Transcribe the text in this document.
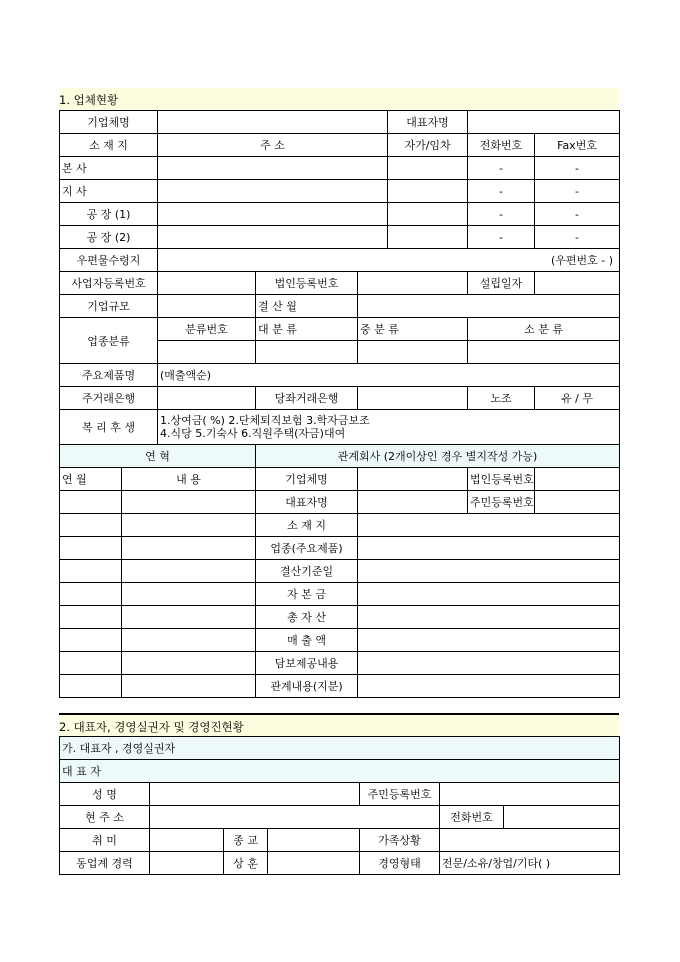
1. 업체현황
기업체명					대표자명		
소 재 지		주 소			자가/임차	전화번호	Fax번호
본 사						-	-
지 사						-	-
공 장 (1)						-	-
공 장 (2)						-	-
우편물수령지		(우편번호 - )					
사업자등록번호			법인등록번호			설립일자	
기업규모			결 산 월				
업종분류		분류번호	대 분 류	중 분 류		소 분 류	

주요제품명		(매출액순)					
주거래은행			당좌거래은행			노조	유 / 무
복 리 후 생		1.상여금( %) 2.단체퇴직보험 3.학자금보조
4.식당 5.기숙사 6.직원주택(자금)대여					

연 혁			관계회사 (2개이상인 경우 별지작성 가능)				
연 월	내 용		기업체명			법인등록번호	
			대표자명			주민등록번호	
			소 재 지				
			업종(주요제품)				
			결산기준일				
			자 본 금				
			총 자 산				
			매 출 액				
			담보제공내용				
			관계내용(지분)				
2. 대표자, 경영실권자 및 경영진현황
가. 대표자 , 경영실권자						
대 표 자						
성 명				주민등록번호		
현 주 소					전화번호	
취 미		종 교		가족상황		
동업계 경력		상 훈		경영형태	전문/소유/창업/기타( )	
